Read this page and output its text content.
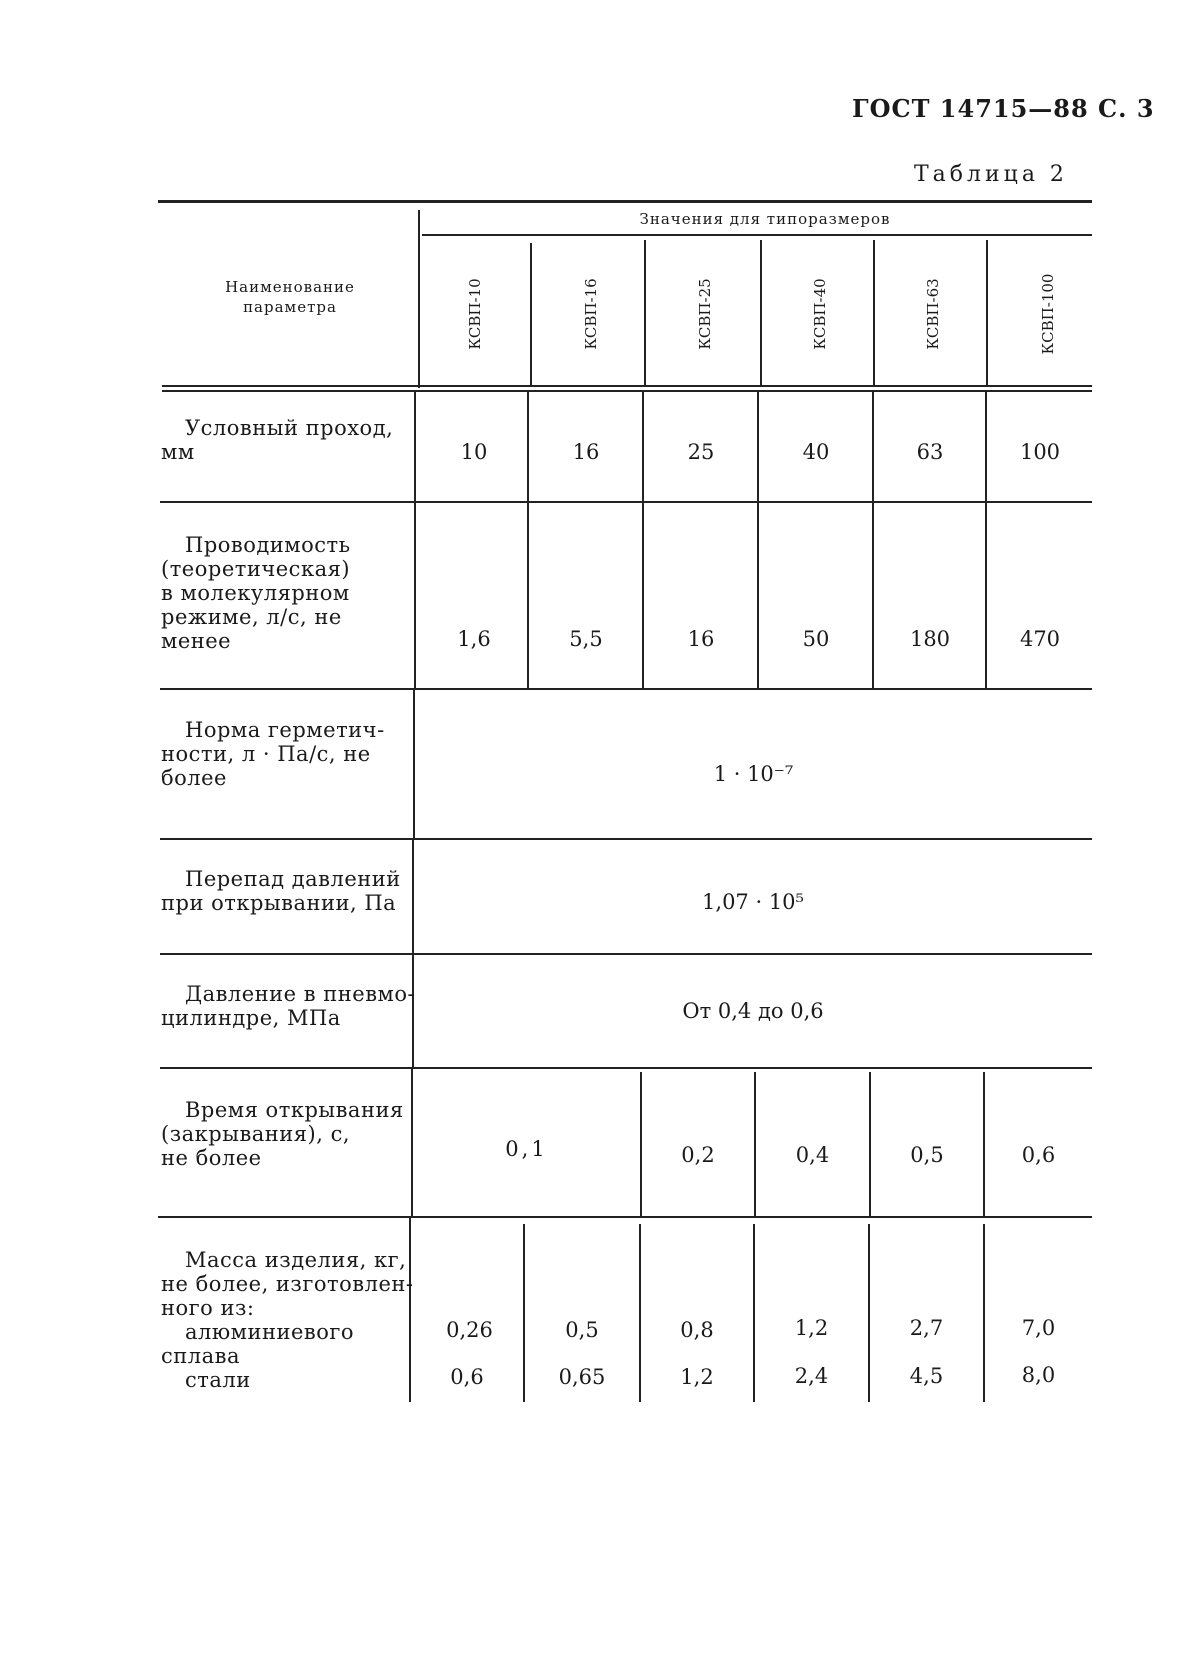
ГОСТ 14715—88 С. 3
Таблица 2
Наименование
параметра
Значения для типоразмеров
КСВП-10	КСВП-16	КСВП-25	КСВП-40	КСВП-63	КСВП-100
Условный проход,
мм	10	16	25	40	63	100
Проводимость
(теоретическая)
в молекулярном
режиме, л/с, не
менее	1,6	5,5	16	50	180	470
Норма герметич-
ности, л · Па/с, не
более	1 · 10⁻⁷
Перепад давлений
при открывании, Па	1,07 · 10⁵
Давление в пневмо-
цилиндре, МПа	От 0,4 до 0,6
Время открывания
(закрывания), с,
не более	0,1	0,2	0,4	0,5	0,6
Масса изделия, кг,
не более, изготовлен-
ного из:
алюминиевого
сплава
стали
0,26	0,5	0,8	1,2	2,7	7,0
0,6	0,65	1,2	2,4	4,5	8,0
